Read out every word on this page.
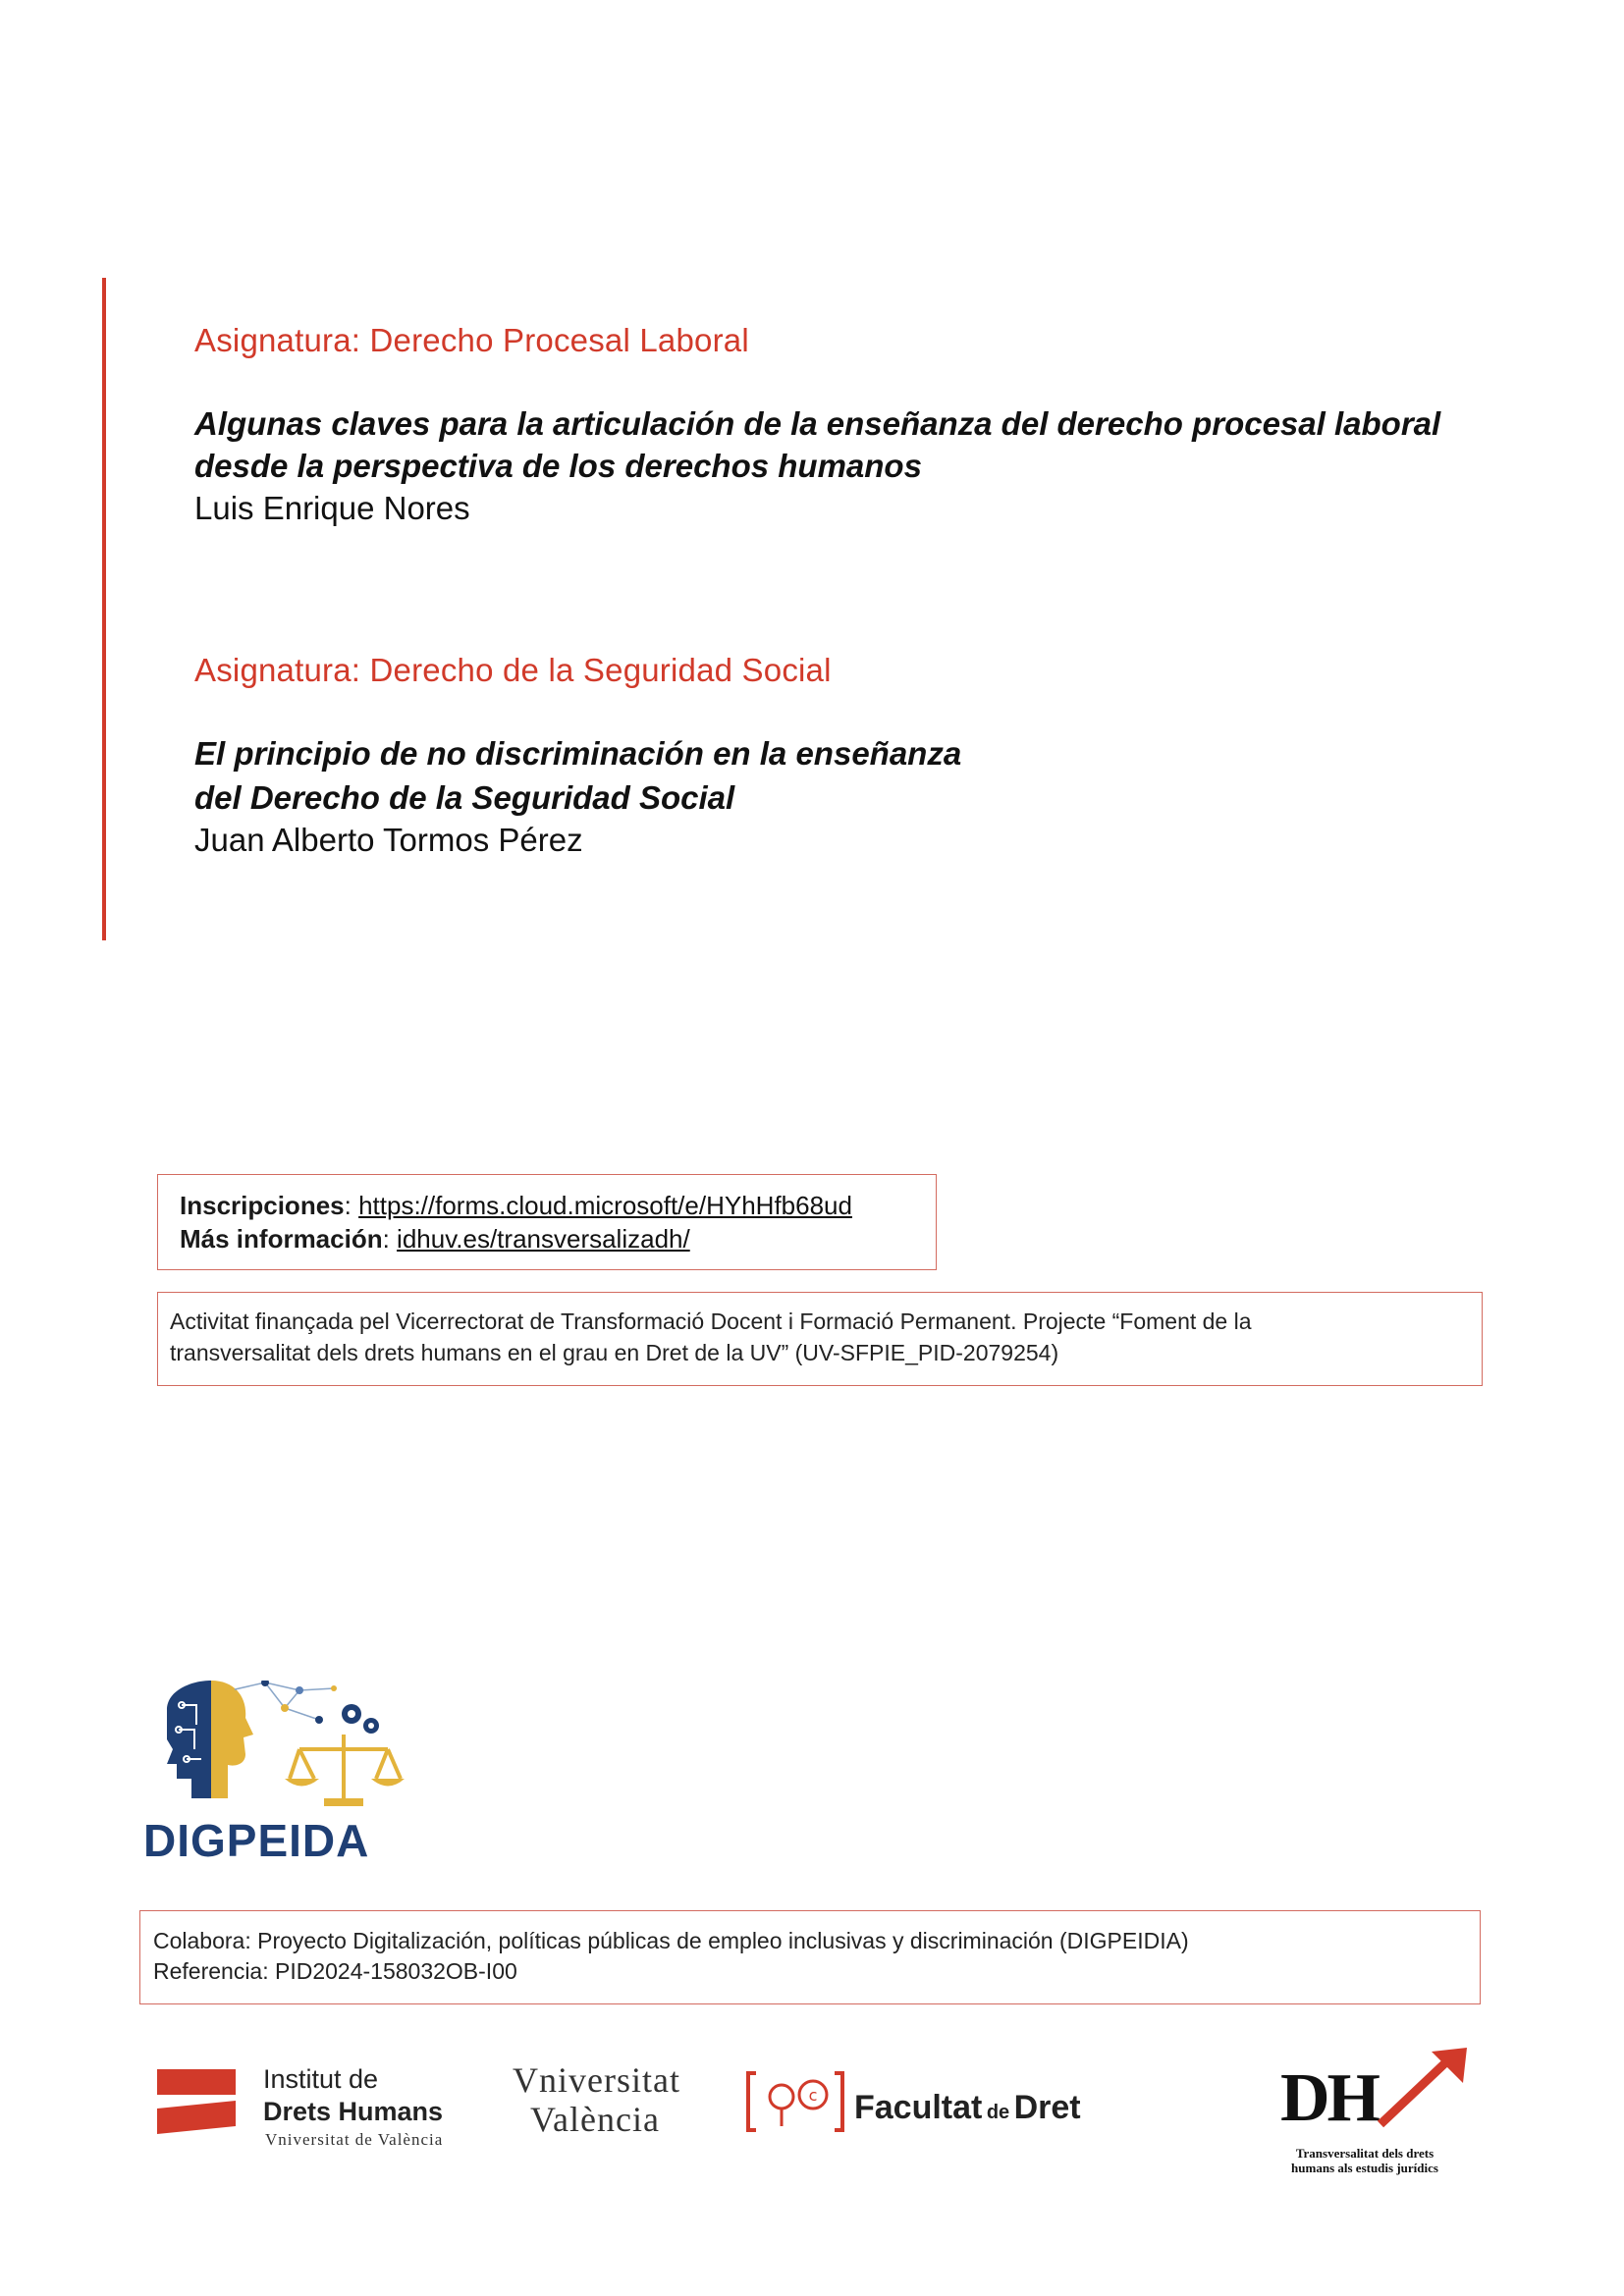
Asignatura: Derecho Procesal Laboral
Algunas claves para la articulación de la enseñanza del derecho procesal laboral
desde la perspectiva de los derechos humanos
Luis Enrique Nores
Asignatura: Derecho de la Seguridad Social
El principio de no discriminación en la enseñanza
del Derecho de la Seguridad Social
Juan Alberto Tormos Pérez
Inscripciones: https://forms.cloud.microsoft/e/HYhHfb68ud
Más información: idhuv.es/transversalizadh/
Activitat finançada pel Vicerrectorat de Transformació Docent i Formació Permanent. Projecte “Foment de la
transversalitat dels drets humans en el grau en Dret de la UV” (UV-SFPIE_PID-2079254)
DIGPEIDA
Colabora: Proyecto Digitalización, políticas públicas de empleo inclusivas y discriminación (DIGPEIDIA)
Referencia: PID2024-158032OB-I00
Institut de
Drets Humans
Vniversitat de València
Vniversitat
València
c Facultat de Dret	DH
Transversalitat dels drets
humans als estudis jurídics
